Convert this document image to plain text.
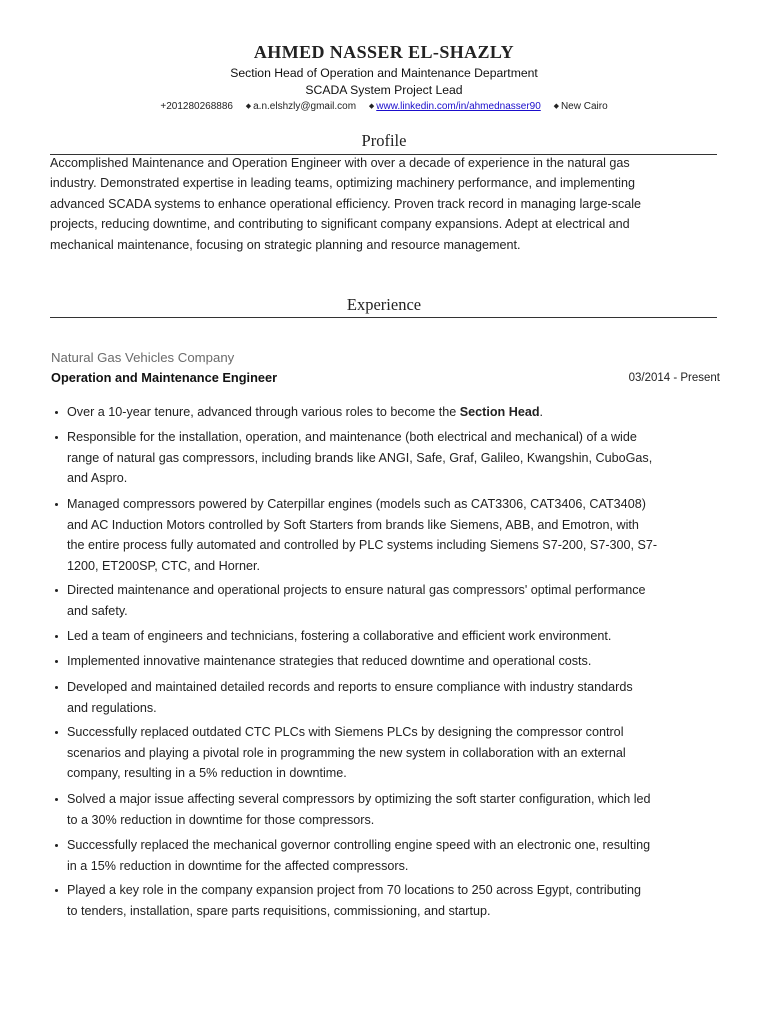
AHMED NASSER EL-SHAZLY
Section Head of Operation and Maintenance Department
SCADA System Project Lead
+201280268886 ◆ a.n.elshzly@gmail.com ◆ www.linkedin.com/in/ahmednasser90 ◆ New Cairo
Profile
Accomplished Maintenance and Operation Engineer with over a decade of experience in the natural gas
industry. Demonstrated expertise in leading teams, optimizing machinery performance, and implementing
advanced SCADA systems to enhance operational efficiency. Proven track record in managing large-scale
projects, reducing downtime, and contributing to significant company expansions. Adept at electrical and
mechanical maintenance, focusing on strategic planning and resource management.
Experience
Natural Gas Vehicles Company
Operation and Maintenance Engineer	03/2014 - Present
Over a 10-year tenure, advanced through various roles to become the Section Head.
Responsible for the installation, operation, and maintenance (both electrical and mechanical) of a wide
range of natural gas compressors, including brands like ANGI, Safe, Graf, Galileo, Kwangshin, CuboGas,
and Aspro.
Managed compressors powered by Caterpillar engines (models such as CAT3306, CAT3406, CAT3408)
and AC Induction Motors controlled by Soft Starters from brands like Siemens, ABB, and Emotron, with
the entire process fully automated and controlled by PLC systems including Siemens S7-200, S7-300, S7-
1200, ET200SP, CTC, and Horner.
Directed maintenance and operational projects to ensure natural gas compressors' optimal performance
and safety.
Led a team of engineers and technicians, fostering a collaborative and efficient work environment.
Implemented innovative maintenance strategies that reduced downtime and operational costs.
Developed and maintained detailed records and reports to ensure compliance with industry standards
and regulations.
Successfully replaced outdated CTC PLCs with Siemens PLCs by designing the compressor control
scenarios and playing a pivotal role in programming the new system in collaboration with an external
company, resulting in a 5% reduction in downtime.
Solved a major issue affecting several compressors by optimizing the soft starter configuration, which led
to a 30% reduction in downtime for those compressors.
Successfully replaced the mechanical governor controlling engine speed with an electronic one, resulting
in a 15% reduction in downtime for the affected compressors.
Played a key role in the company expansion project from 70 locations to 250 across Egypt, contributing
to tenders, installation, spare parts requisitions, commissioning, and startup.
